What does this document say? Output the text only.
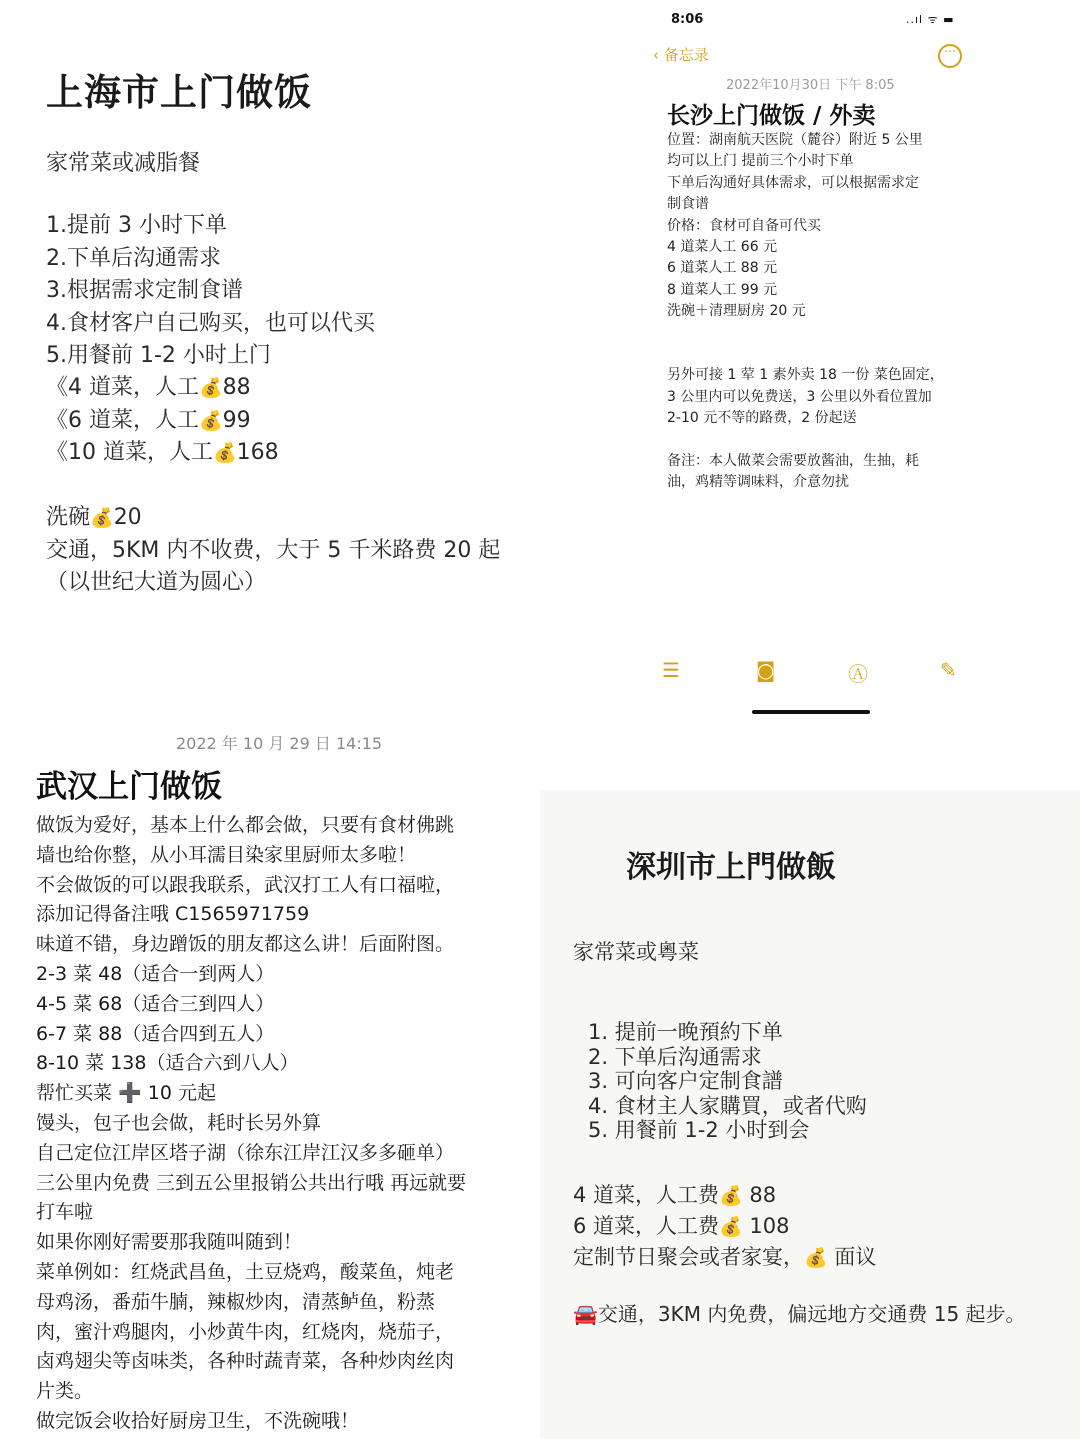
上海市上门做饭
家常菜或减脂餐
1.提前 3 小时下单
2.下单后沟通需求
3.根据需求定制食谱
4.食材客户自己购买，也可以代买
5.用餐前 1-2 小时上门
《4 道菜，人工💰88
《6 道菜，人工💰99
《10 道菜，人工💰168
洗碗💰20
交通，5KM 内不收费，大于 5 千米路费 20 起
（以世纪大道为圆心）
8:06	..ıl ᯤ ▬
‹ 备忘录	···
2022年10月30日 下午 8:05
长沙上门做饭 / 外卖
位置：湖南航天医院（麓谷）附近 5 公里
均可以上门 提前三个小时下单
下单后沟通好具体需求，可以根据需求定
制食谱
价格：食材可自备可代买
4 道菜人工 66 元
6 道菜人工 88 元
8 道菜人工 99 元
洗碗＋清理厨房 20 元
另外可接 1 荤 1 素外卖 18 一份 菜色固定，
3 公里内可以免费送，3 公里以外看位置加
2-10 元不等的路费，2 份起送
备注：本人做菜会需要放酱油，生抽，耗
油，鸡精等调味料，介意勿扰
☰	◙	Ⓐ	✎
2022 年 10 月 29 日 14:15
武汉上门做饭
做饭为爱好，基本上什么都会做，只要有食材佛跳
墙也给你整，从小耳濡目染家里厨师太多啦！
不会做饭的可以跟我联系，武汉打工人有口福啦，
添加记得备注哦 C1565971759
味道不错，身边蹭饭的朋友都这么讲！后面附图。
2-3 菜 48（适合一到两人）
4-5 菜 68（适合三到四人）
6-7 菜 88（适合四到五人）
8-10 菜 138（适合六到八人）
帮忙买菜 ➕ 10 元起
馒头，包子也会做，耗时长另外算
自己定位江岸区塔子湖（徐东江岸江汉多多砸单）
三公里内免费 三到五公里报销公共出行哦 再远就要
打车啦
如果你刚好需要那我随叫随到！
菜单例如：红烧武昌鱼，土豆烧鸡，酸菜鱼，炖老
母鸡汤，番茄牛腩，辣椒炒肉，清蒸鲈鱼，粉蒸
肉，蜜汁鸡腿肉，小炒黄牛肉，红烧肉，烧茄子，
卤鸡翅尖等卤味类，各种时蔬青菜，各种炒肉丝肉
片类。
做完饭会收拾好厨房卫生，不洗碗哦！
深圳市上門做飯
家常菜或粵菜
1. 提前一晚預約下单
2. 下单后沟通需求
3. 可向客户定制食譜
4. 食材主人家購買，或者代购
5. 用餐前 1-2 小时到会
4 道菜，人工费💰 88
6 道菜，人工费💰 108
定制节日聚会或者家宴，💰 面议
🚘交通，3KM 内免费，偏远地方交通费 15 起步。
